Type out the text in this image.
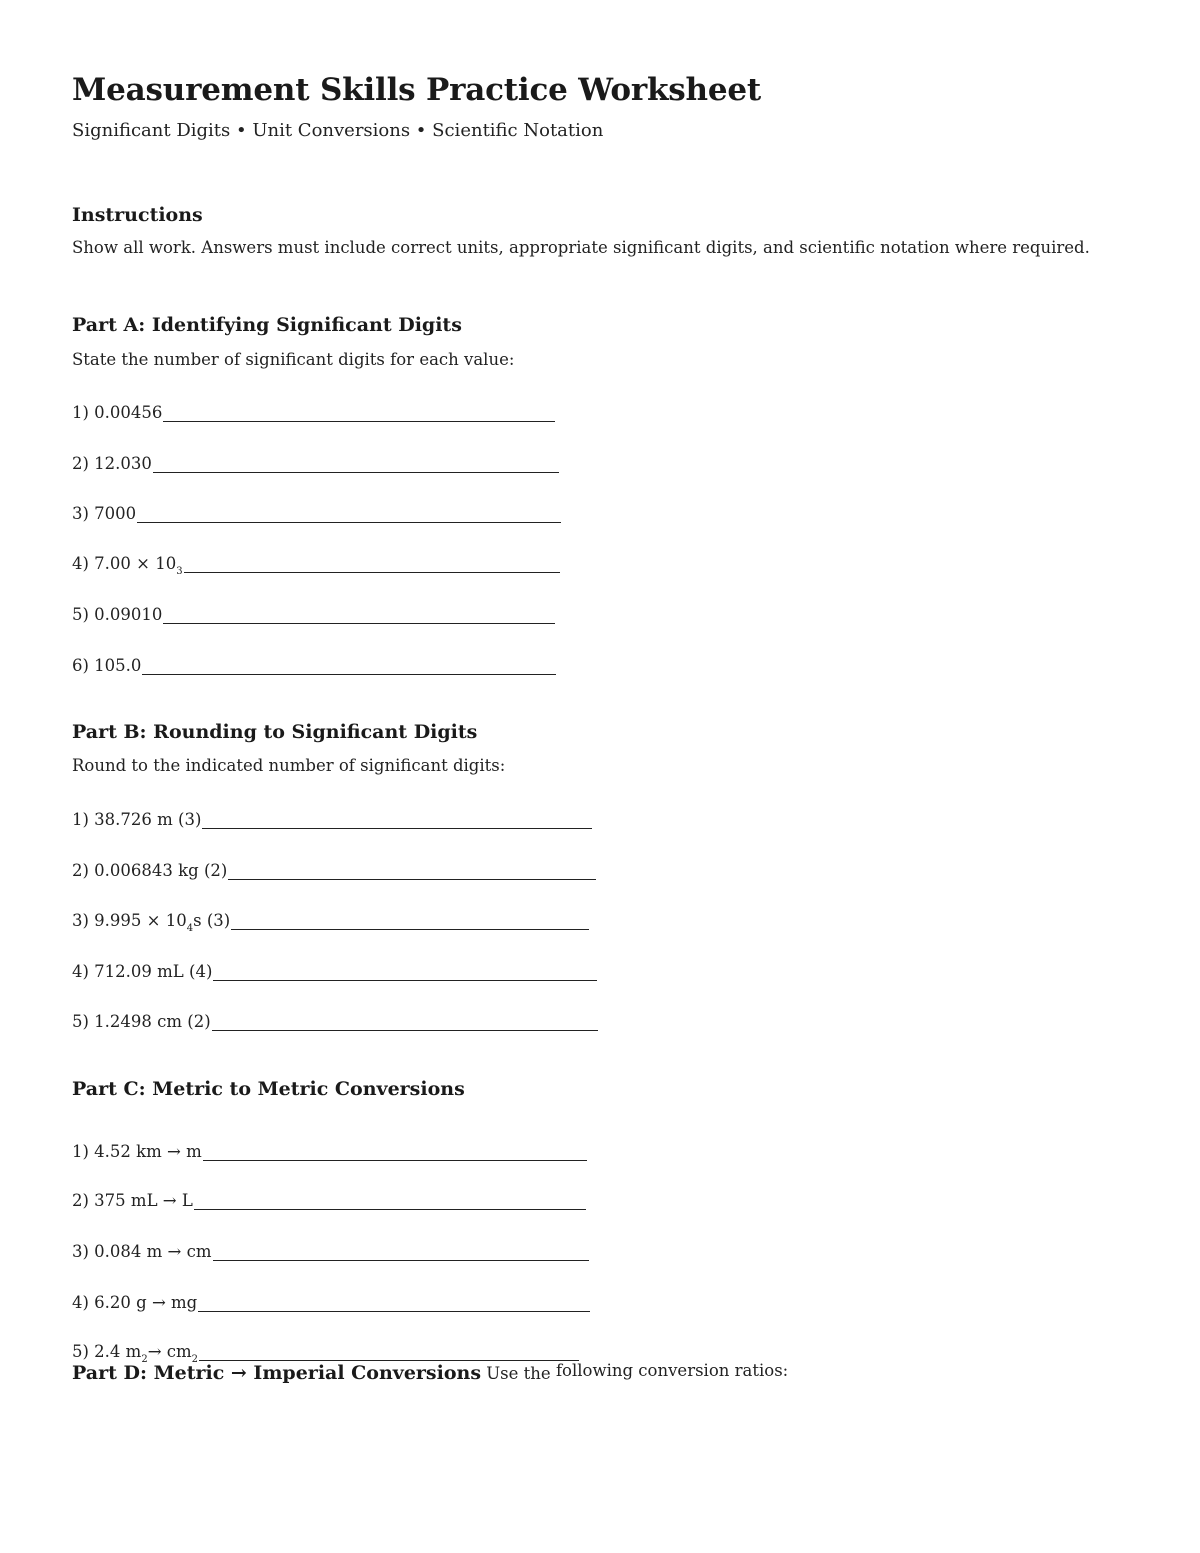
Measurement Skills Practice Worksheet
Significant Digits • Unit Conversions • Scientific Notation
Instructions
Show all work. Answers must include correct units, appropriate significant digits, and scientific notation where required.
Part A: Identifying Significant Digits
State the number of significant digits for each value:
1) 0.00456
2) 12.030
3) 7000
4) $7.00 \times 10^3$
5) 0.09010
6) 105.0
Part B: Rounding to Significant Digits
Round to the indicated number of significant digits:
1) 38.726 m (3)
2) 0.006843 kg (2)
3) $9.995 \times 10^4$ s (3)
4) 712.09 mL (4)
5) 1.2498 cm (2)
Part C: Metric to Metric Conversions
1) 4.52 km → m
2) 375 mL → L
3) 0.084 m → cm
4) 6.20 g → mg
5) 2.4 $m^2 \to cm^2$
Part D: Metric → Imperial Conversions Use the following conversion ratios:
